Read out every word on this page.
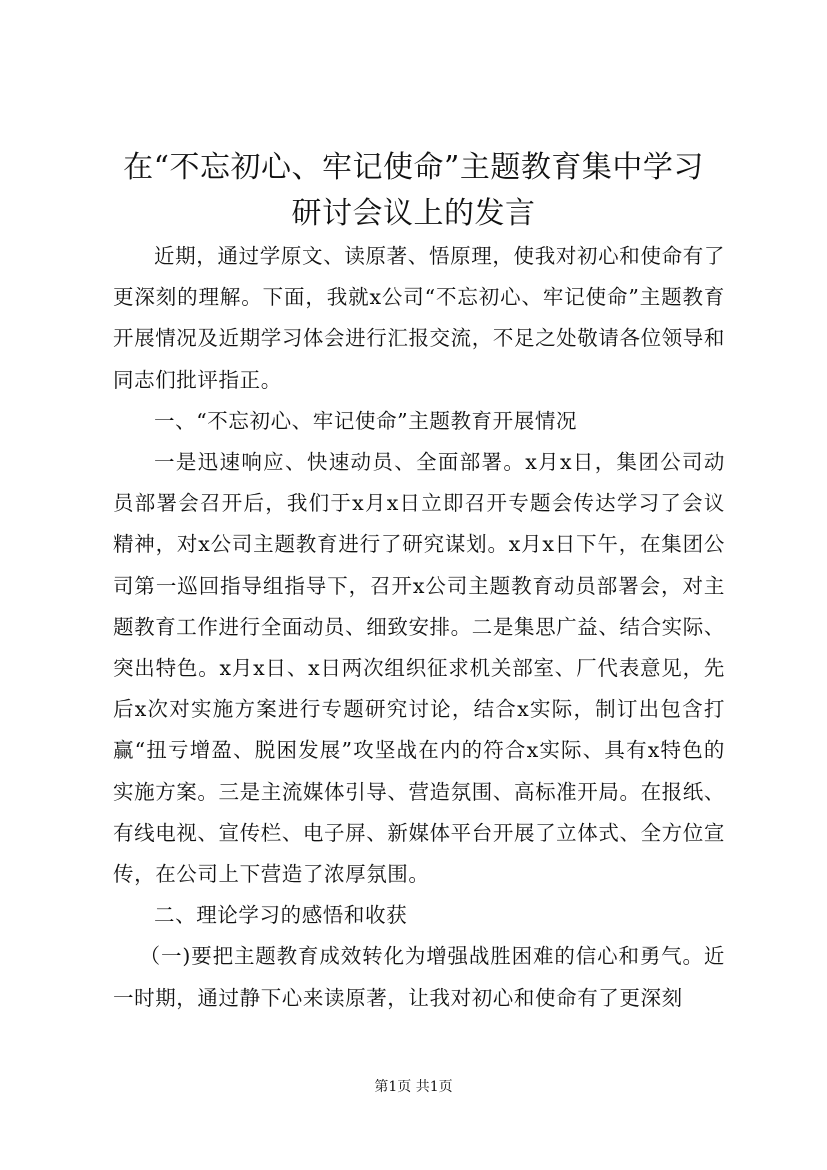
在“不忘初心、牢记使命”主题教育集中学习
研讨会议上的发言

近期，通过学原文、读原著、悟原理，使我对初心和使命有了更深刻的理解。下面，我就x公司“不忘初心、牢记使命”主题教育开展情况及近期学习体会进行汇报交流，不足之处敬请各位领导和同志们批评指正。

一、“不忘初心、牢记使命”主题教育开展情况

一是迅速响应、快速动员、全面部署。x月x日，集团公司动员部署会召开后，我们于x月x日立即召开专题会传达学习了会议精神，对x公司主题教育进行了研究谋划。x月x日下午，在集团公司第一巡回指导组指导下，召开x公司主题教育动员部署会，对主题教育工作进行全面动员、细致安排。二是集思广益、结合实际、突出特色。x月x日、x日两次组织征求机关部室、厂代表意见，先后x次对实施方案进行专题研究讨论，结合x实际，制订出包含打赢“扭亏增盈、脱困发展”攻坚战在内的符合x实际、具有x特色的实施方案。三是主流媒体引导、营造氛围、高标准开局。在报纸、有线电视、宣传栏、电子屏、新媒体平台开展了立体式、全方位宣传，在公司上下营造了浓厚氛围。

二、理论学习的感悟和收获

（一)要把主题教育成效转化为增强战胜困难的信心和勇气。近一时期，通过静下心来读原著，让我对初心和使命有了更深刻

第1页 共1页
